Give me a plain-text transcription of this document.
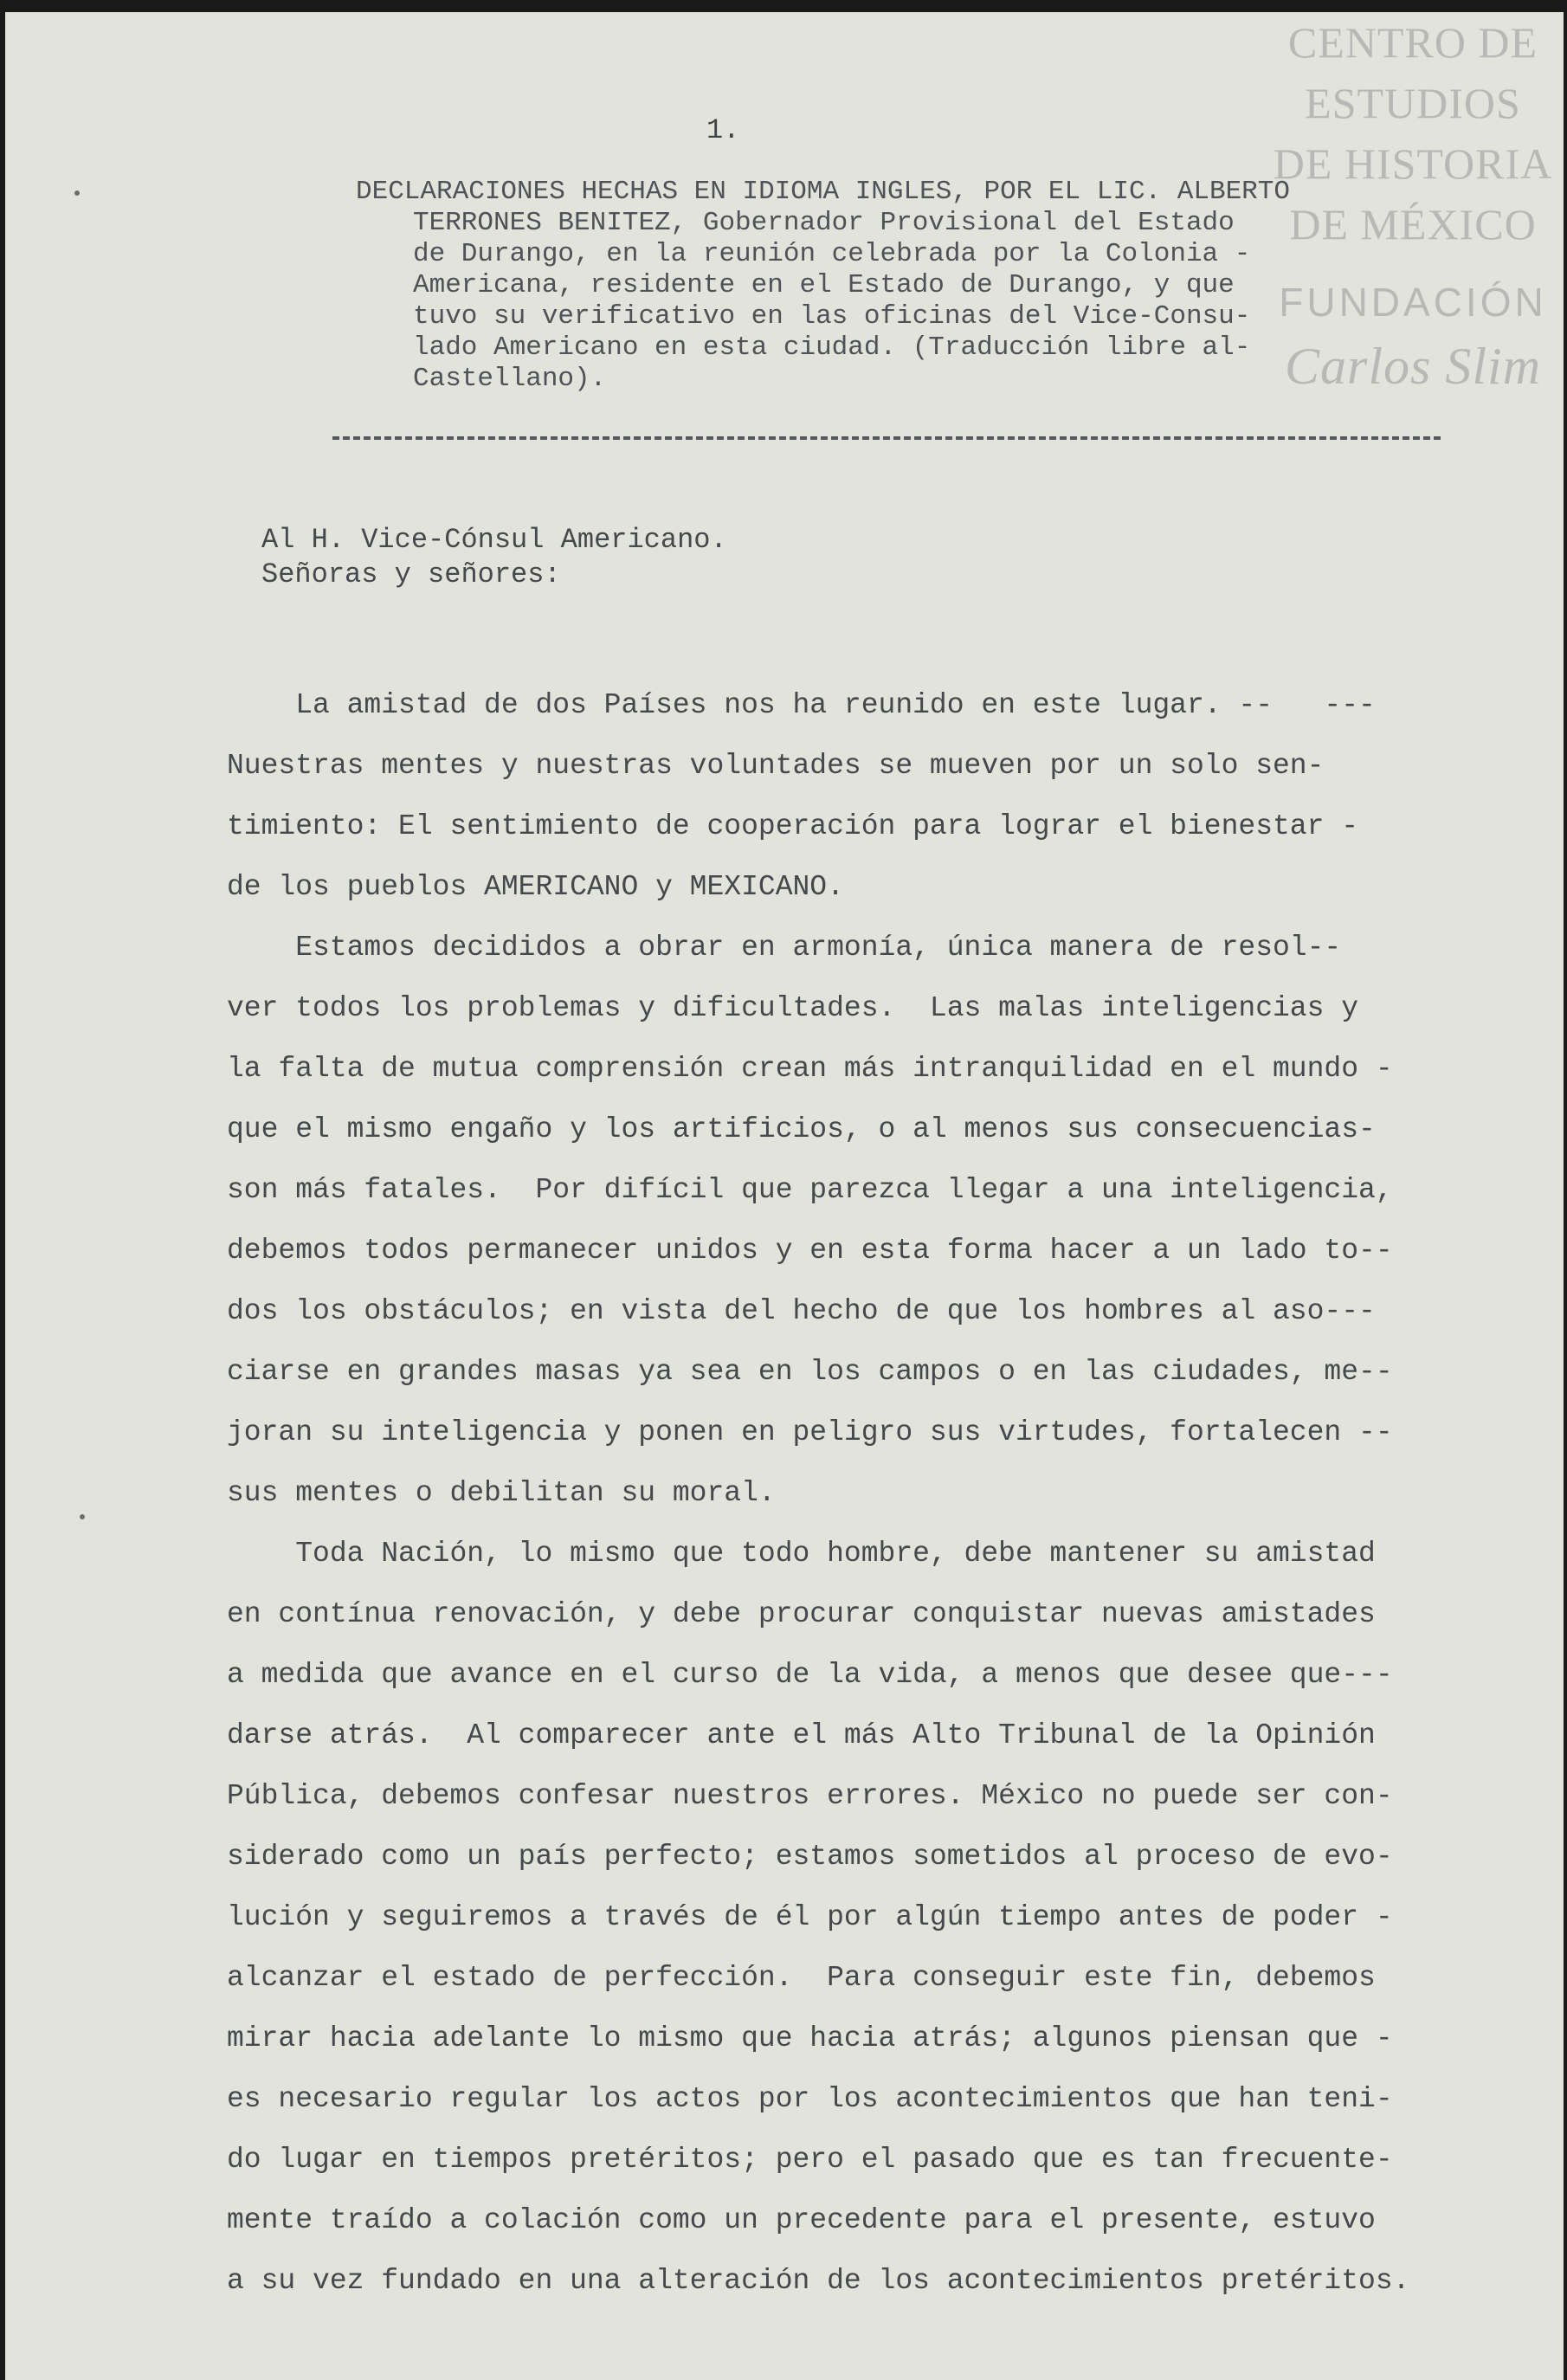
1.
DECLARACIONES HECHAS EN IDIOMA INGLES, POR EL LIC. ALBERTO
TERRONES BENITEZ, Gobernador Provisional del Estado
de Durango, en la reunión celebrada por la Colonia -
Americana, residente en el Estado de Durango, y que
tuvo su verificativo en las oficinas del Vice-Consu-
lado Americano en esta ciudad. (Traducción libre al-
Castellano).
Al H. Vice-Cónsul Americano.
Señoras y señores:
La amistad de dos Países nos ha reunido en este lugar. --   ---
Nuestras mentes y nuestras voluntades se mueven por un solo sen-
timiento: El sentimiento de cooperación para lograr el bienestar -
de los pueblos AMERICANO y MEXICANO.
Estamos decididos a obrar en armonía, única manera de resol--
ver todos los problemas y dificultades.  Las malas inteligencias y
la falta de mutua comprensión crean más intranquilidad en el mundo -
que el mismo engaño y los artificios, o al menos sus consecuencias-
son más fatales.  Por difícil que parezca llegar a una inteligencia,
debemos todos permanecer unidos y en esta forma hacer a un lado to--
dos los obstáculos; en vista del hecho de que los hombres al aso---
ciarse en grandes masas ya sea en los campos o en las ciudades, me--
joran su inteligencia y ponen en peligro sus virtudes, fortalecen --
sus mentes o debilitan su moral.
Toda Nación, lo mismo que todo hombre, debe mantener su amistad
en contínua renovación, y debe procurar conquistar nuevas amistades
a medida que avance en el curso de la vida, a menos que desee que---
darse atrás.  Al comparecer ante el más Alto Tribunal de la Opinión
Pública, debemos confesar nuestros errores. México no puede ser con-
siderado como un país perfecto; estamos sometidos al proceso de evo-
lución y seguiremos a través de él por algún tiempo antes de poder -
alcanzar el estado de perfección.  Para conseguir este fin, debemos
mirar hacia adelante lo mismo que hacia atrás; algunos piensan que -
es necesario regular los actos por los acontecimientos que han teni-
do lugar en tiempos pretéritos; pero el pasado que es tan frecuente-
mente traído a colación como un precedente para el presente, estuvo
a su vez fundado en una alteración de los acontecimientos pretéritos.
CENTRO DE
ESTUDIOS
DE HISTORIA
DE MÉXICO
FUNDACIÓN
Carlos Slim
